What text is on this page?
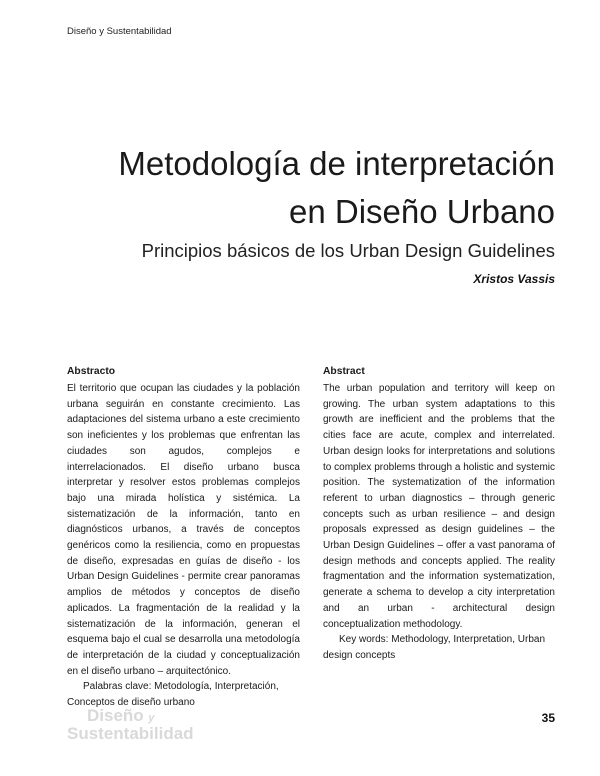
Diseño y Sustentabilidad
Metodología de interpretación
en Diseño Urbano

Principios básicos de los Urban Design Guidelines

Xristos Vassis
Abstracto

El territorio que ocupan las ciudades y la población urbana seguirán en constante crecimiento. Las adaptaciones del sistema urbano a este crecimiento son ineficientes y los problemas que enfrentan las ciudades son agudos, complejos e interrelacionados. El diseño urbano busca interpretar y resolver estos problemas complejos bajo una mirada holística y sistémica. La sistematización de la información, tanto en diagnósticos urbanos, a través de conceptos genéricos como la resiliencia, como en propuestas de diseño, expresadas en guías de diseño - los Urban Design Guidelines - permite crear panoramas amplios de métodos y conceptos de diseño aplicados. La fragmentación de la realidad y la sistematización de la información, generan el esquema bajo el cual se desarrolla una metodología de interpretación de la ciudad y conceptualización en el diseño urbano – arquitectónico.

Palabras clave: Metodología, Interpretación, Conceptos de diseño urbano

Abstract

The urban population and territory will keep on growing. The urban system adaptations to this growth are inefficient and the problems that the cities face are acute, complex and interrelated. Urban design looks for interpretations and solutions to complex problems through a holistic and systemic position. The systematization of the information referent to urban diagnostics – through generic concepts such as urban resilience – and design proposals expressed as design guidelines – the Urban Design Guidelines – offer a vast panorama of design methods and concepts applied. The reality fragmentation and the information systematization, generate a schema to develop a city interpretation and an urban - architectural design conceptualization methodology.

Key words: Methodology, Interpretation, Urban design concepts

Diseño y
Sustentabilidad
35
